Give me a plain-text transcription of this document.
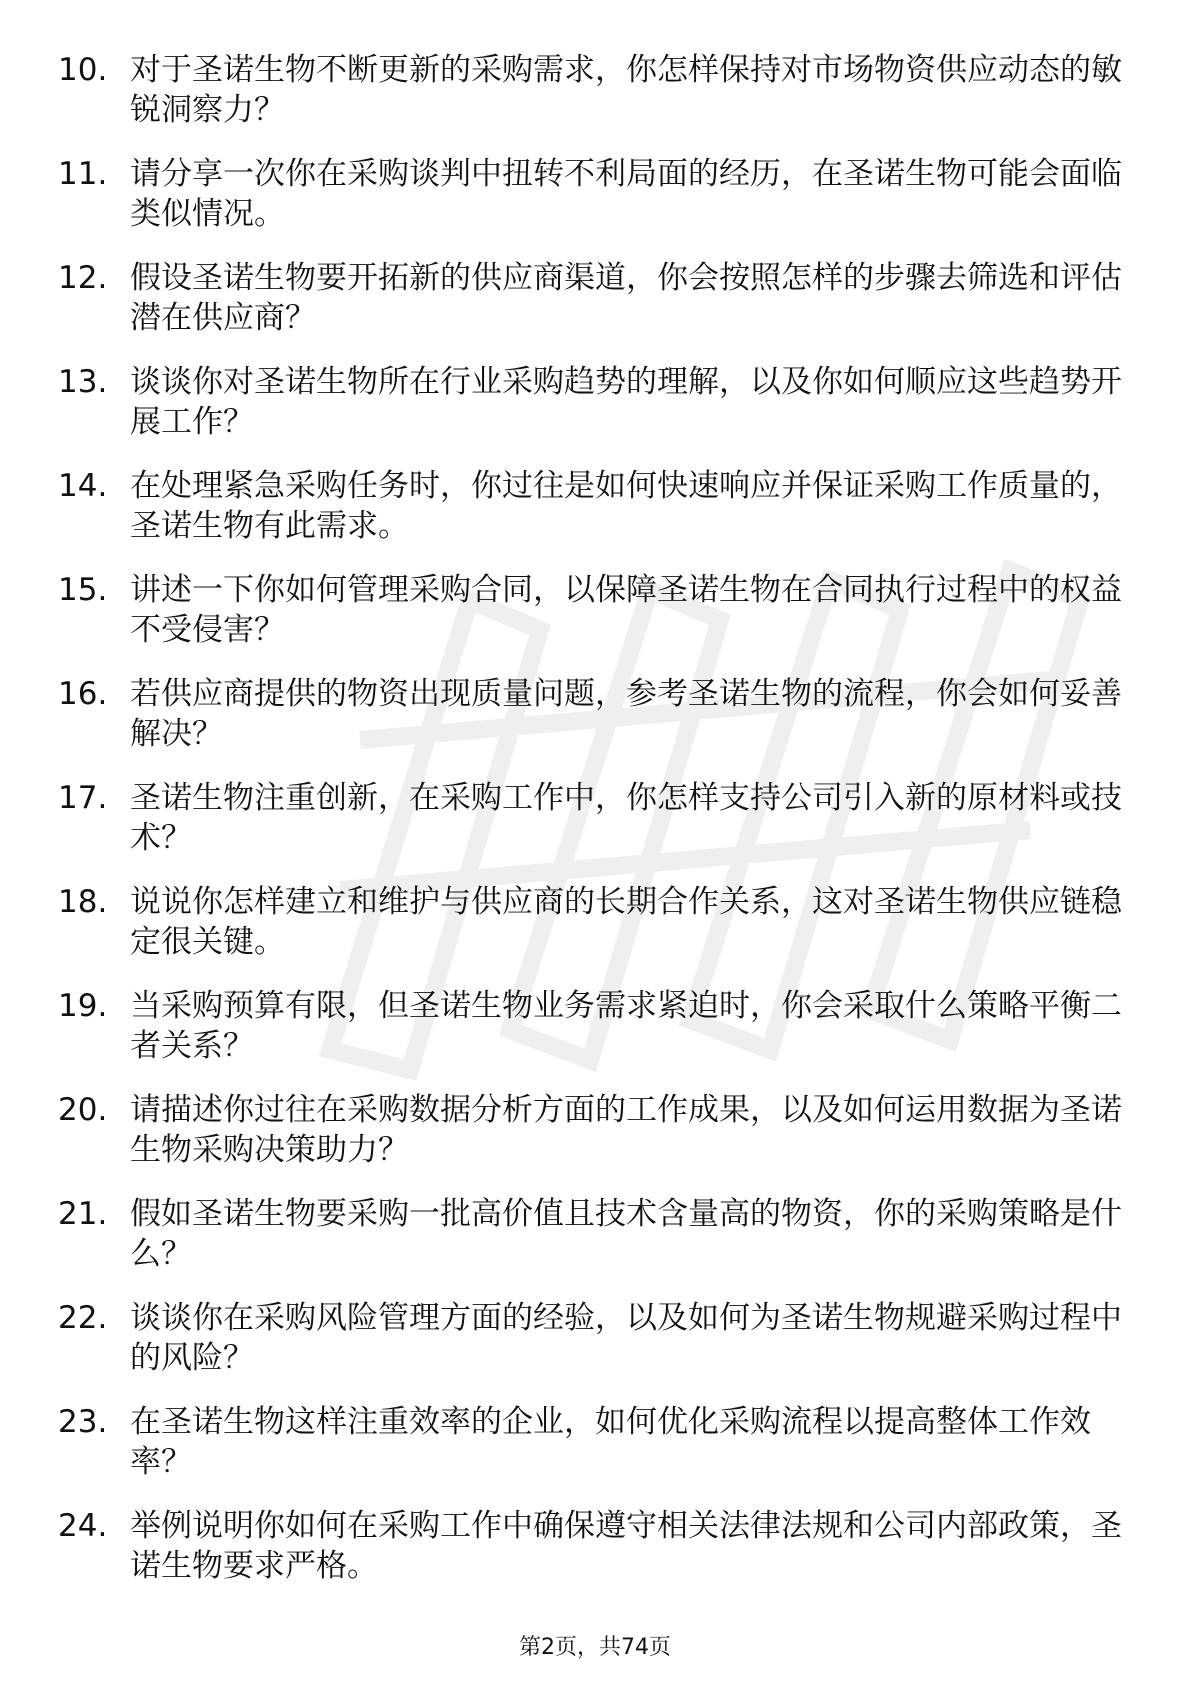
10. 对于圣诺生物不断更新的采购需求，你怎样保持对市场物资供应动态的敏锐洞察力？
11. 请分享一次你在采购谈判中扭转不利局面的经历，在圣诺生物可能会面临类似情况。
12. 假设圣诺生物要开拓新的供应商渠道，你会按照怎样的步骤去筛选和评估潜在供应商？
13. 谈谈你对圣诺生物所在行业采购趋势的理解，以及你如何顺应这些趋势开展工作？
14. 在处理紧急采购任务时，你过往是如何快速响应并保证采购工作质量的，圣诺生物有此需求。
15. 讲述一下你如何管理采购合同，以保障圣诺生物在合同执行过程中的权益不受侵害？
16. 若供应商提供的物资出现质量问题，参考圣诺生物的流程，你会如何妥善解决？
17. 圣诺生物注重创新，在采购工作中，你怎样支持公司引入新的原材料或技术？
18. 说说你怎样建立和维护与供应商的长期合作关系，这对圣诺生物供应链稳定很关键。
19. 当采购预算有限，但圣诺生物业务需求紧迫时，你会采取什么策略平衡二者关系？
20. 请描述你过往在采购数据分析方面的工作成果，以及如何运用数据为圣诺生物采购决策助力？
21. 假如圣诺生物要采购一批高价值且技术含量高的物资，你的采购策略是什么？
22. 谈谈你在采购风险管理方面的经验，以及如何为圣诺生物规避采购过程中的风险？
23. 在圣诺生物这样注重效率的企业，如何优化采购流程以提高整体工作效率？
24. 举例说明你如何在采购工作中确保遵守相关法律法规和公司内部政策，圣诺生物要求严格。
第2页，共74页
